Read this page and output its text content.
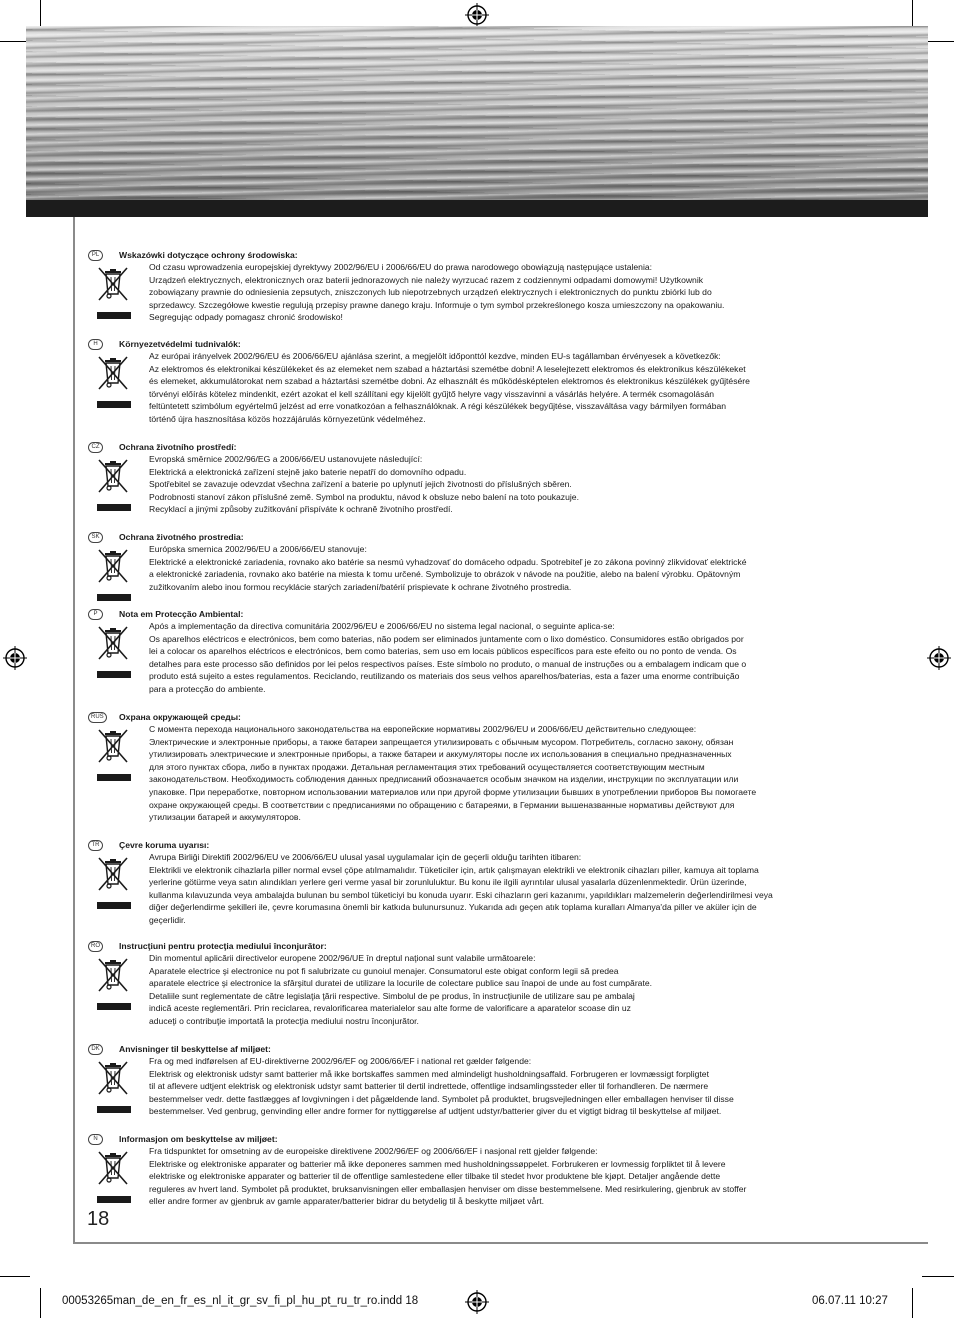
PL	Wskazówki dotyczące ochrony środowiska:

Od czasu wprowadzenia europejskiej dyrektywy 2002/96/EU i 2006/66/EU do prawa narodowego obowiązują następujące ustalenia:

Urządzeń elektrycznych, elektronicznych oraz baterii jednorazowych nie należy wyrzucać razem z codziennymi odpadami domowymi! Użytkownik

zobowiązany prawnie do odniesienia zepsutych, zniszczonych lub niepotrzebnych urządzeń elektrycznych i elektronicznych do punktu zbiórki lub do

sprzedawcy. Szczegółowe kwestie regulują przepisy prawne danego kraju. Informuje o tym symbol przekreślonego kosza umieszczony na opakowaniu.

Segregując odpady pomagasz chronić środowisko!

H	Környezetvédelmi tudnivalók:

Az európai irányelvek 2002/96/EU és 2006/66/EU ajánlása szerint, a megjelölt időponttól kezdve, minden EU-s tagállamban érvényesek a következők:

Az elektromos és elektronikai készülékeket és az elemeket nem szabad a háztartási szemétbe dobni! A leselejtezett elektromos és elektronikus készülékeket

és elemeket, akkumulátorokat nem szabad a háztartási szemétbe dobni. Az elhasznált és működésképtelen elektromos és elektronikus készülékek gyűjtésére

törvényi előírás kötelez mindenkit, ezért azokat el kell szállítani egy kijelölt gyűjtő helyre vagy visszavinni a vásárlás helyére. A termék csomagolásán

feltüntetett szimbólum egyértelmű jelzést ad erre vonatkozóan a felhasználóknak. A régi készülékek begyűjtése, visszaváltása vagy bármilyen formában

történő újra hasznosítása közös hozzájárulás környezetünk védelméhez.

CZ	Ochrana životního prostředí:

Evropská směrnice 2002/96/EG a 2006/66/EU ustanovujete následující:

Elektrická a elektronická zařízení stejně jako baterie nepatří do domovního odpadu.

Spotřebitel se zavazuje odevzdat všechna zařízení a baterie po uplynutí jejich životnosti do příslušných sběren.

Podrobnosti stanoví zákon příslušné země. Symbol na produktu, návod k obsluze nebo balení na toto poukazuje.

Recyklací a jinými způsoby zužitkování přispíváte k ochraně životního prostředí.

SK	Ochrana životného prostredia:

Európska smernica 2002/96/EU a 2006/66/EU stanovuje:

Elektrické a elektronické zariadenia, rovnako ako batérie sa nesmú vyhadzovať do domáceho odpadu. Spotrebiteľ je zo zákona povinný zlikvidovať elektrické

a elektronické zariadenia, rovnako ako batérie na miesta k tomu určené. Symbolizuje to obrázok v návode na použitie, alebo na balení výrobku. Opätovným

zužitkovaním alebo inou formou recyklácie starých zariadení/batérií prispievate k ochrane životného prostredia.

P	Nota em Protecção Ambiental:

Após a implementação da directiva comunitária 2002/96/EU e 2006/66/EU no sistema legal nacional, o seguinte aplica-se:

Os aparelhos eléctricos e electrónicos, bem como baterias, não podem ser eliminados juntamente com o lixo doméstico. Consumidores estão obrigados por

lei a colocar os aparelhos eléctricos e electrónicos, bem como baterias, sem uso em locais públicos específicos para este efeito ou no ponto de venda. Os

detalhes para este processo são definidos por lei pelos respectivos países. Este símbolo no produto, o manual de instruções ou a embalagem indicam que o

produto está sujeito a estes regulamentos. Reciclando, reutilizando os materiais dos seus velhos aparelhos/baterias, esta a fazer uma enorme contribuição

para a protecção do ambiente.

RUS	Охрана окружающей среды:

С момента перехода национального законодательства на европейские нормативы 2002/96/EU и 2006/66/EU действительно следующее:

Электрические и электронные приборы, а также батареи запрещается утилизировать с обычным мусором. Потребитель, согласно закону, обязан

утилизировать электрические и электронные приборы, а также батареи и аккумуляторы после их использования в специально предназначенных

для этого пунктах сбора, либо в пунктах продажи. Детальная регламентация этих требований осуществляется соответствующим местным

законодательством. Необходимость соблюдения данных предписаний обозначается особым значком на изделии, инструкции по эксплуатации или

упаковке. При переработке, повторном использовании материалов или при другой форме утилизации бывших в употреблении приборов Вы помогаете

охране окружающей среды. В соответствии с предписаниями по обращению с батареями, в Германии вышеназванные нормативы действуют для

утилизации батарей и аккумуляторов.

TR	Çevre koruma uyarısı:

Avrupa Birliği Direktifi 2002/96/EU ve 2006/66/EU ulusal yasal uygulamalar için de geçerli olduğu tarihten itibaren:

Elektrikli ve elektronik cihazlarla piller normal evsel çöpe atılmamalıdır. Tüketiciler için, artık çalışmayan elektrikli ve elektronik cihazları piller, kamuya ait toplama

yerlerine götürme veya satın alındıkları yerlere geri verme yasal bir zorunluluktur. Bu konu ile ilgili ayrıntılar ulusal yasalarla düzenlenmektedir. Ürün üzerinde,

kullanma kılavuzunda veya ambalajda bulunan bu sembol tüketiciyi bu konuda uyarır. Eski cihazların geri kazanımı, yapıldıkları malzemelerin değerlendirilmesi veya

diğer değerlendirme şekilleri ile, çevre korumasına önemli bir katkıda bulunursunuz. Yukarıda adı geçen atık toplama kuralları Almanya'da piller ve aküler için de

geçerlidir.

RO	Instrucţiuni pentru protecţia mediului înconjurător:

Din momentul aplicării directivelor europene 2002/96/UE în dreptul naţional sunt valabile următoarele:

Aparatele electrice şi electronice nu pot fi salubrizate cu gunoiul menajer. Consumatorul este obigat conform legii să predea

aparatele electrice şi electronice la sfârşitul duratei de utilizare la locurile de colectare publice sau înapoi de unde au fost cumpărate.

Detaliile sunt reglementate de către legislaţia ţării respective. Simbolul de pe produs, în instrucţiunile de utilizare sau pe ambalaj

indică aceste reglementări. Prin reciclarea, revalorificarea materialelor sau alte forme de valorificare a aparatelor scoase din uz

aduceţi o contribuţie importată la protecţia mediului nostru înconjurător.

DK	Anvisninger til beskyttelse af miljøet:

Fra og med indførelsen af EU-direktiverne 2002/96/EF og 2006/66/EF i national ret gælder følgende:

Elektrisk og elektronisk udstyr samt batterier må ikke bortskaffes sammen med almindeligt husholdningsaffald. Forbrugeren er lovmæssigt forpligtet

til at aflevere udtjent elektrisk og elektronisk udstyr samt batterier til dertil indrettede, offentlige indsamlingssteder eller til forhandleren. De nærmere

bestemmelser vedr. dette fastlægges af lovgivningen i det pågældende land. Symbolet på produktet, brugsvejledningen eller emballagen henviser til disse

bestemmelser. Ved genbrug, genvinding eller andre former for nyttiggørelse af udtjent udstyr/batterier giver du et vigtigt bidrag til beskyttelse af miljøet.

N	Informasjon om beskyttelse av miljøet:

Fra tidspunktet for omsetning av de europeiske direktivene 2002/96/EF og 2006/66/EF i nasjonal rett gjelder følgende:

Elektriske og elektroniske apparater og batterier må ikke deponeres sammen med husholdningssøppelet. Forbrukeren er lovmessig forpliktet til å levere

elektriske og elektroniske apparater og batterier til de offentlige samlestedene eller tilbake til stedet hvor produktene ble kjøpt. Detaljer angående dette

reguleres av hvert land. Symbolet på produktet, bruksanvisningen eller emballasjen henviser om disse bestemmelsene. Med resirkulering, gjenbruk av stoffer

eller andre former av gjenbruk av gamle apparater/batterier bidrar du betydelig til å beskytte miljøet vårt.

18
00053265man_de_en_fr_es_nl_it_gr_sv_fi_pl_hu_pt_ru_tr_ro.indd 18	06.07.11 10:27
